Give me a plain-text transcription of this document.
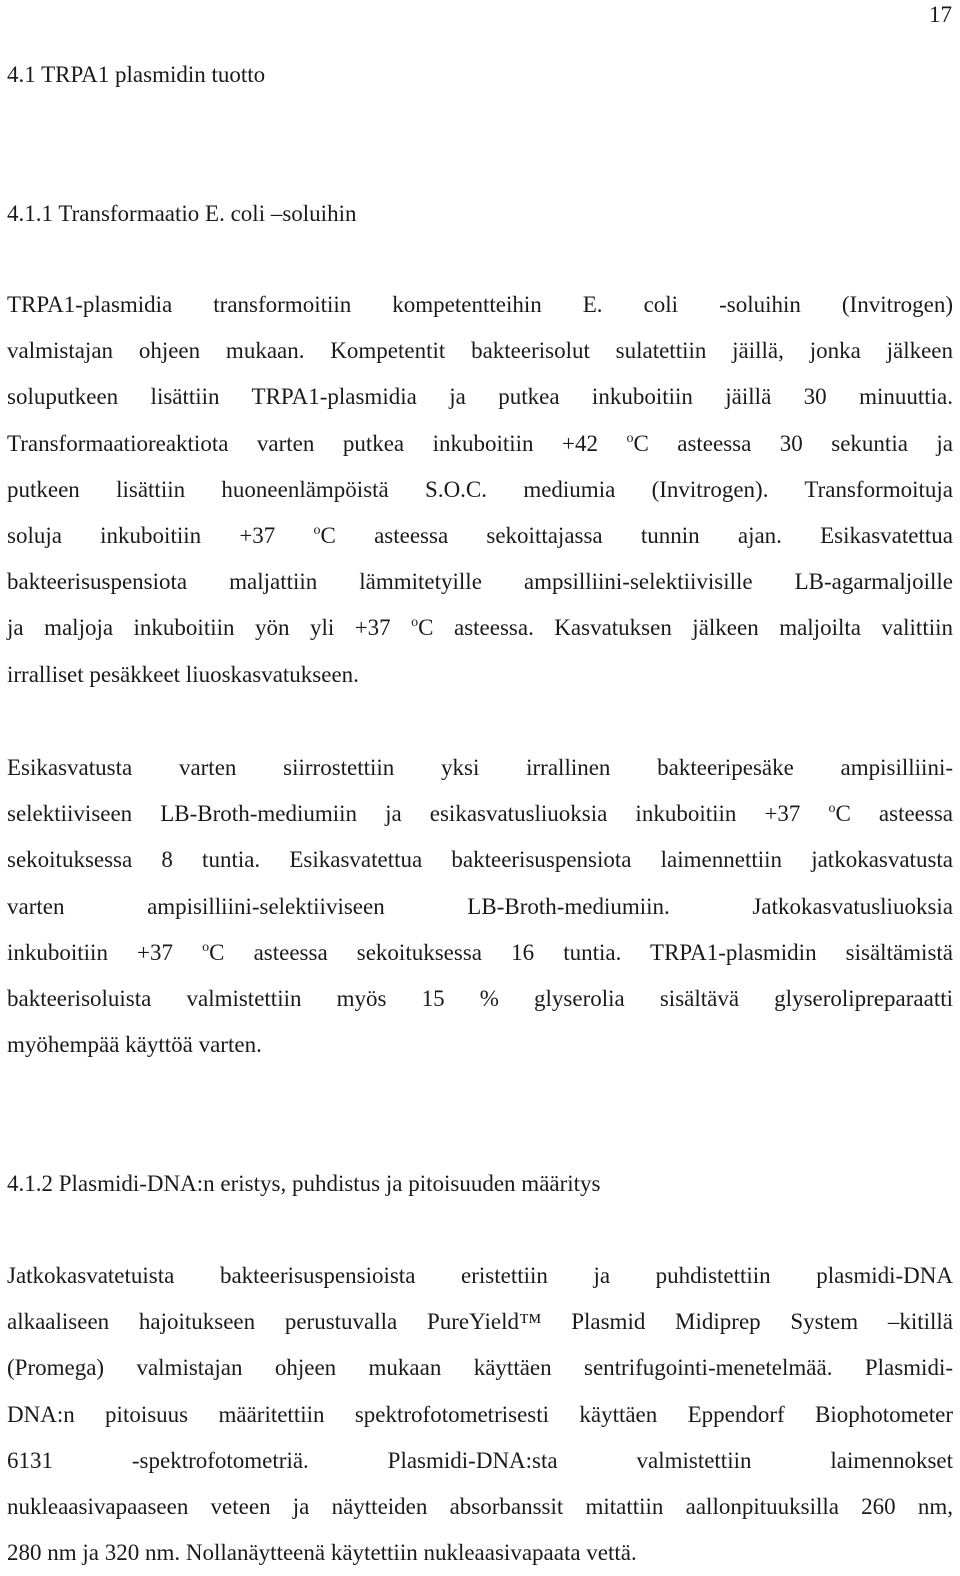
17
4.1 TRPA1 plasmidin tuotto
4.1.1 Transformaatio E. coli –soluihin
TRPA1-plasmidia transformoitiin kompetentteihin E. coli -soluihin (Invitrogen)
valmistajan ohjeen mukaan. Kompetentit bakteerisolut sulatettiin jäillä, jonka jälkeen
soluputkeen lisättiin TRPA1-plasmidia ja putkea inkuboitiin jäillä 30 minuuttia.
Transformaatioreaktiota varten putkea inkuboitiin +42 $^o$C asteessa 30 sekuntia ja
putkeen lisättiin huoneenlämpöistä S.O.C. mediumia (Invitrogen). Transformoituja
soluja inkuboitiin +37 $^o$C asteessa sekoittajassa tunnin ajan. Esikasvatettua
bakteerisuspensiota maljattiin lämmitetyille ampsilliini-selektiivisille LB-agarmaljoille
ja maljoja inkuboitiin yön yli +37 $^o$C asteessa. Kasvatuksen jälkeen maljoilta valittiin
irralliset pesäkkeet liuoskasvatukseen.
Esikasvatusta varten siirrostettiin yksi irrallinen bakteeripesäke ampisilliini-
selektiiviseen LB-Broth-mediumiin ja esikasvatusliuoksia inkuboitiin +37 $^o$C asteessa
sekoituksessa 8 tuntia. Esikasvatettua bakteerisuspensiota laimennettiin jatkokasvatusta
varten ampisilliini-selektiiviseen LB-Broth-mediumiin. Jatkokasvatusliuoksia
inkuboitiin +37 $^o$C asteessa sekoituksessa 16 tuntia. TRPA1-plasmidin sisältämistä
bakteerisoluista valmistettiin myös 15 % glyserolia sisältävä glyserolipreparaatti
myöhempää käyttöä varten.
4.1.2 Plasmidi-DNA:n eristys, puhdistus ja pitoisuuden määritys
Jatkokasvatetuista bakteerisuspensioista eristettiin ja puhdistettiin plasmidi-DNA
alkaaliseen hajoitukseen perustuvalla PureYield™ Plasmid Midiprep System –kitillä
(Promega) valmistajan ohjeen mukaan käyttäen sentrifugointi-menetelmää. Plasmidi-
DNA:n pitoisuus määritettiin spektrofotometrisesti käyttäen Eppendorf Biophotometer
6131 -spektrofotometriä. Plasmidi-DNA:sta valmistettiin laimennokset
nukleaasivapaaseen veteen ja näytteiden absorbanssit mitattiin aallonpituuksilla 260 nm,
280 nm ja 320 nm. Nollanäytteenä käytettiin nukleaasivapaata vettä.
